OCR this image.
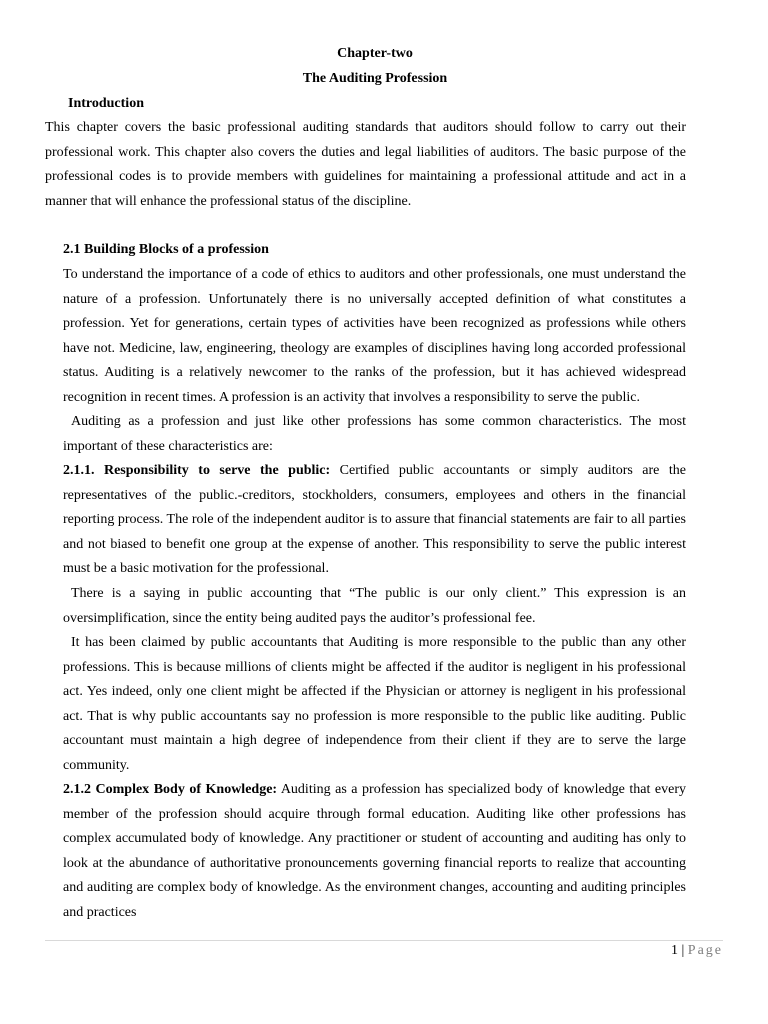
Chapter-two
The Auditing Profession
Introduction

This chapter covers the basic professional auditing standards that auditors should follow to carry out their professional work. This chapter also covers the duties and legal liabilities of auditors. The basic purpose of the professional codes is to provide members with guidelines for maintaining a professional attitude and act in a manner that will enhance the professional status of the discipline.

2.1 Building Blocks of a profession

To understand the importance of a code of ethics to auditors and other professionals, one must understand the nature of a profession. Unfortunately there is no universally accepted definition of what constitutes a profession. Yet for generations, certain types of activities have been recognized as professions while others have not. Medicine, law, engineering, theology are examples of disciplines having long accorded professional status. Auditing is a relatively newcomer to the ranks of the profession, but it has achieved widespread recognition in recent times. A profession is an activity that involves a responsibility to serve the public.

Auditing as a profession and just like other professions has some common characteristics. The most important of these characteristics are:

2.1.1. Responsibility to serve the public: Certified public accountants or simply auditors are the representatives of the public.-creditors, stockholders, consumers, employees and others in the financial reporting process. The role of the independent auditor is to assure that financial statements are fair to all parties and not biased to benefit one group at the expense of another. This responsibility to serve the public interest must be a basic motivation for the professional.

There is a saying in public accounting that “The public is our only client.” This expression is an oversimplification, since the entity being audited pays the auditor’s professional fee.

It has been claimed by public accountants that Auditing is more responsible to the public than any other professions. This is because millions of clients might be affected if the auditor is negligent in his professional act. Yes indeed, only one client might be affected if the Physician or attorney is negligent in his professional act. That is why public accountants say no profession is more responsible to the public like auditing. Public accountant must maintain a high degree of independence from their client if they are to serve the large community.

2.1.2 Complex Body of Knowledge: Auditing as a profession has specialized body of knowledge that every member of the profession should acquire through formal education. Auditing like other professions has complex accumulated body of knowledge. Any practitioner or student of accounting and auditing has only to look at the abundance of authoritative pronouncements governing financial reports to realize that accounting and auditing are complex body of knowledge. As the environment changes, accounting and auditing principles and practices

1 | Page
